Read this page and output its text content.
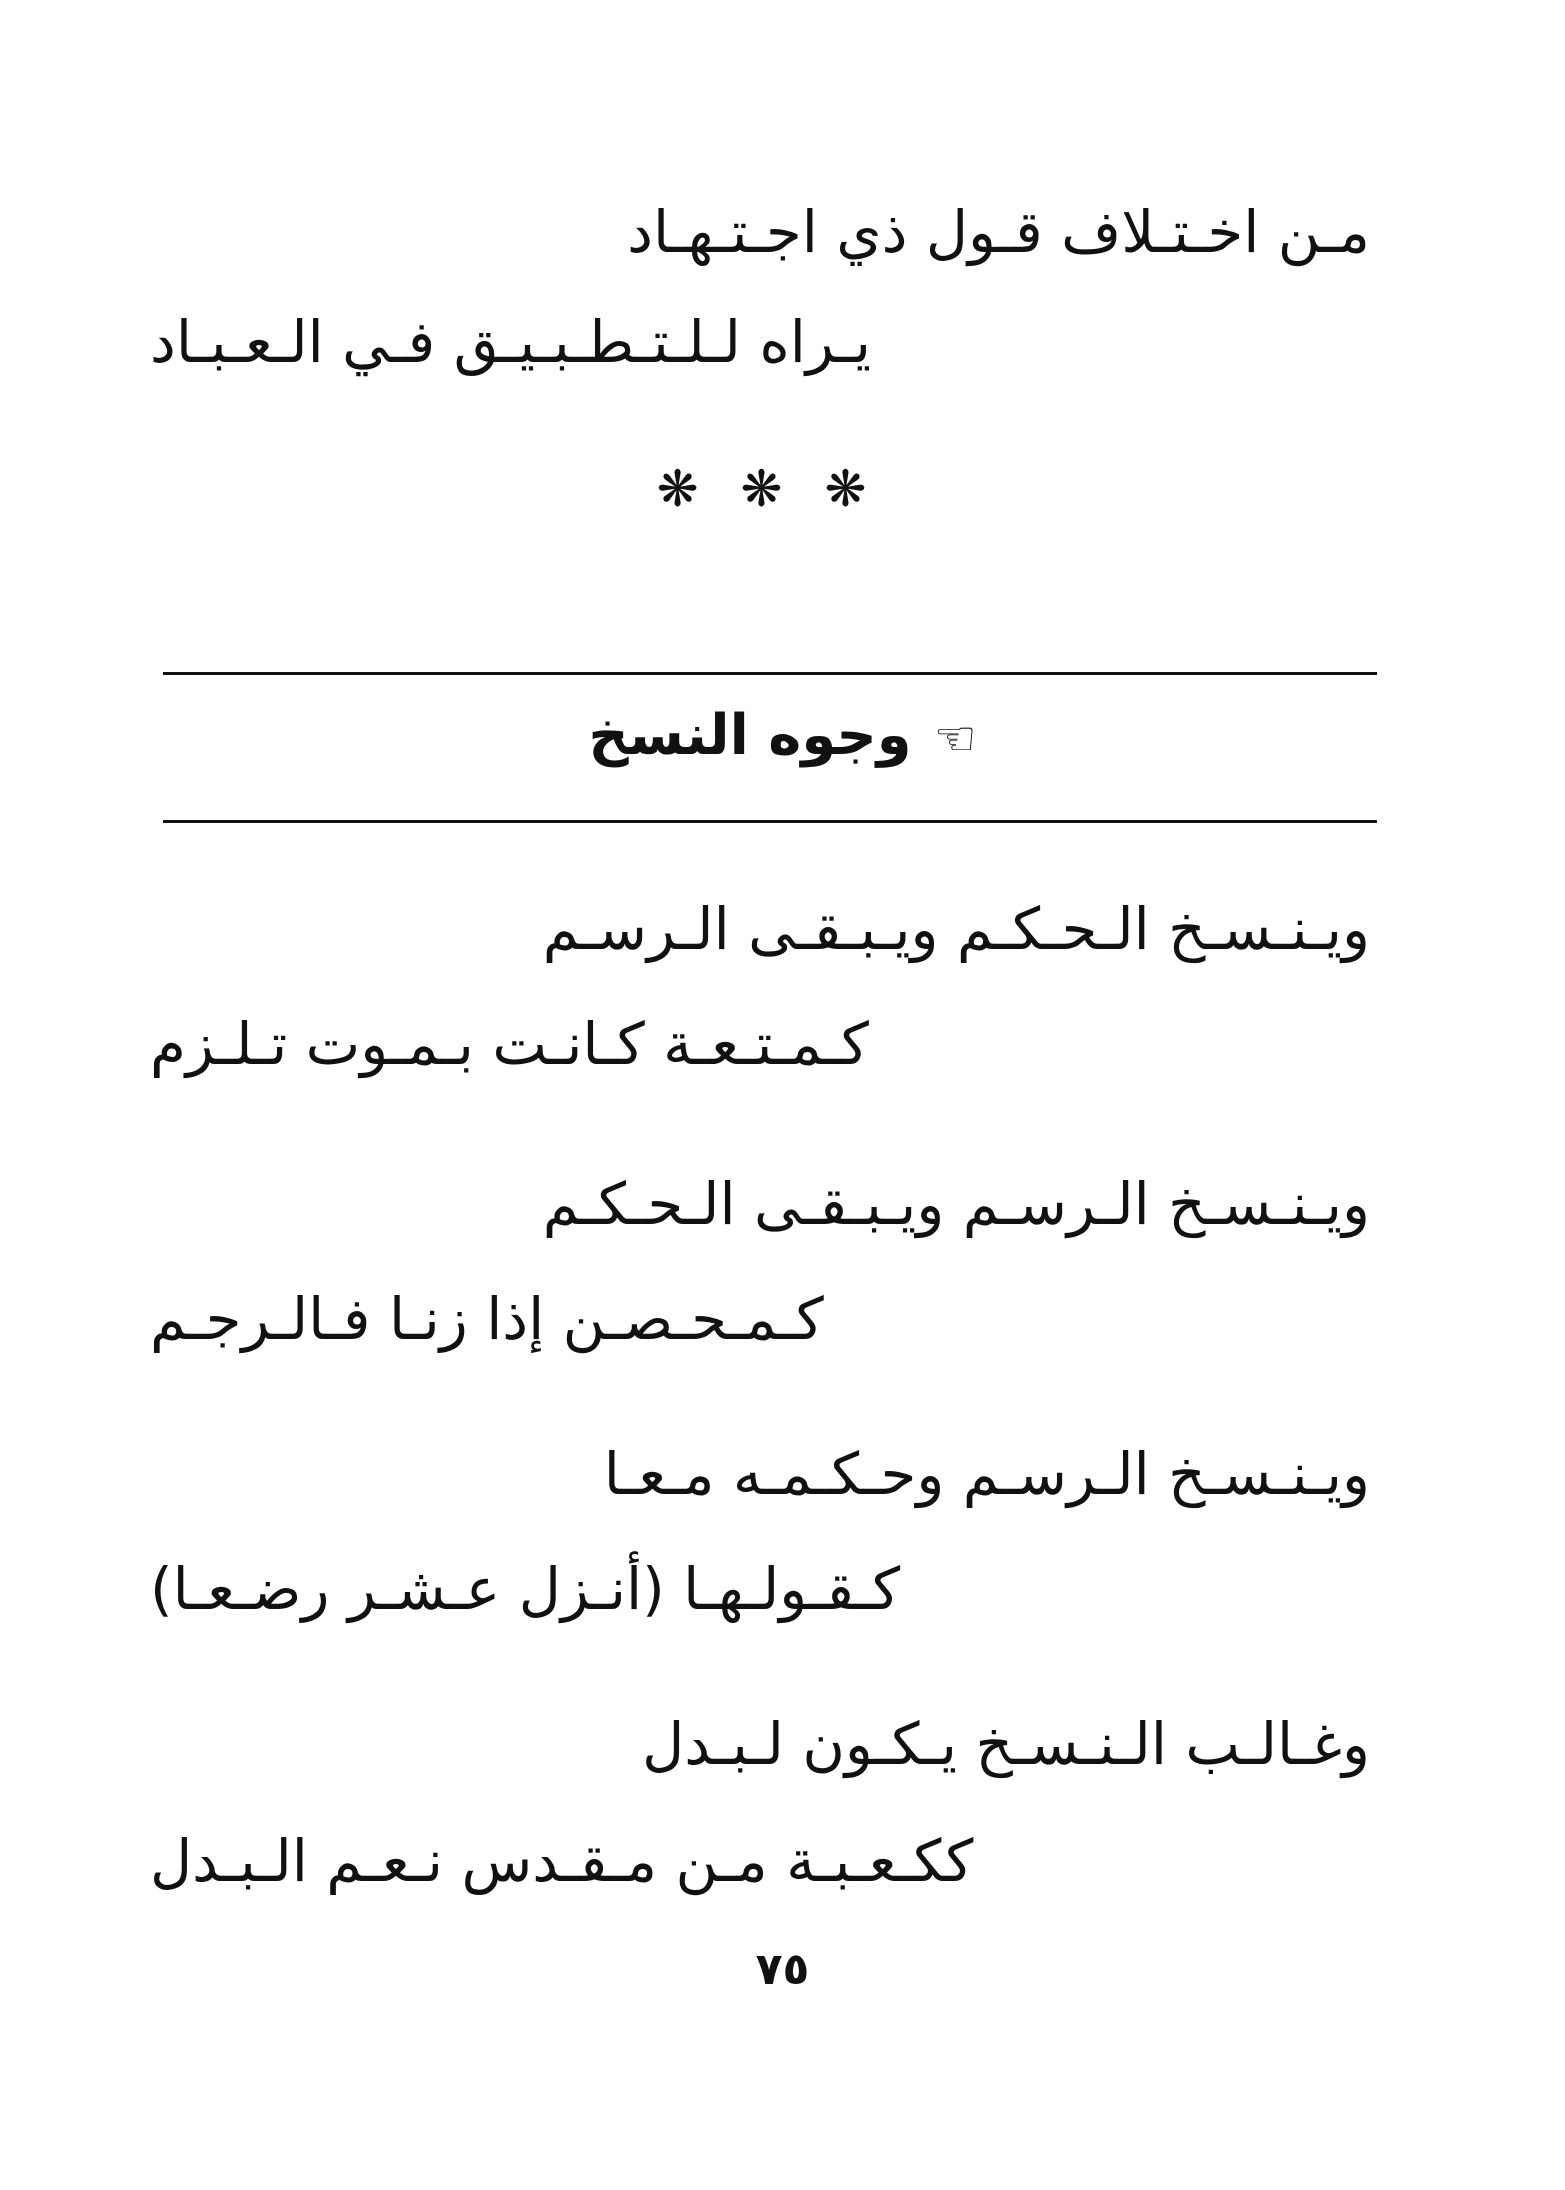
مـن اخـتـلاف قـول ذي اجـتـهـاد
يـراه لـلـتـطـبـيـق فـي الـعـبـاد
❋❋❋
☜وجوه النسخ
ويـنـسـخ الـحـكـم ويـبـقـى الـرسـم
كـمـتـعـة كـانـت بـمـوت تـلـزم
ويـنـسـخ الـرسـم ويـبـقـى الـحـكـم
كـمـحـصـن إذا زنـا فـالـرجـم
ويـنـسـخ الـرسـم وحـكـمـه مـعـا
كـقـولـهـا (أنـزل عـشـر رضـعـا)
وغـالـب الـنـسـخ يـكـون لـبـدل
ككـعـبـة مـن مـقـدس نـعـم الـبـدل
٧٥
